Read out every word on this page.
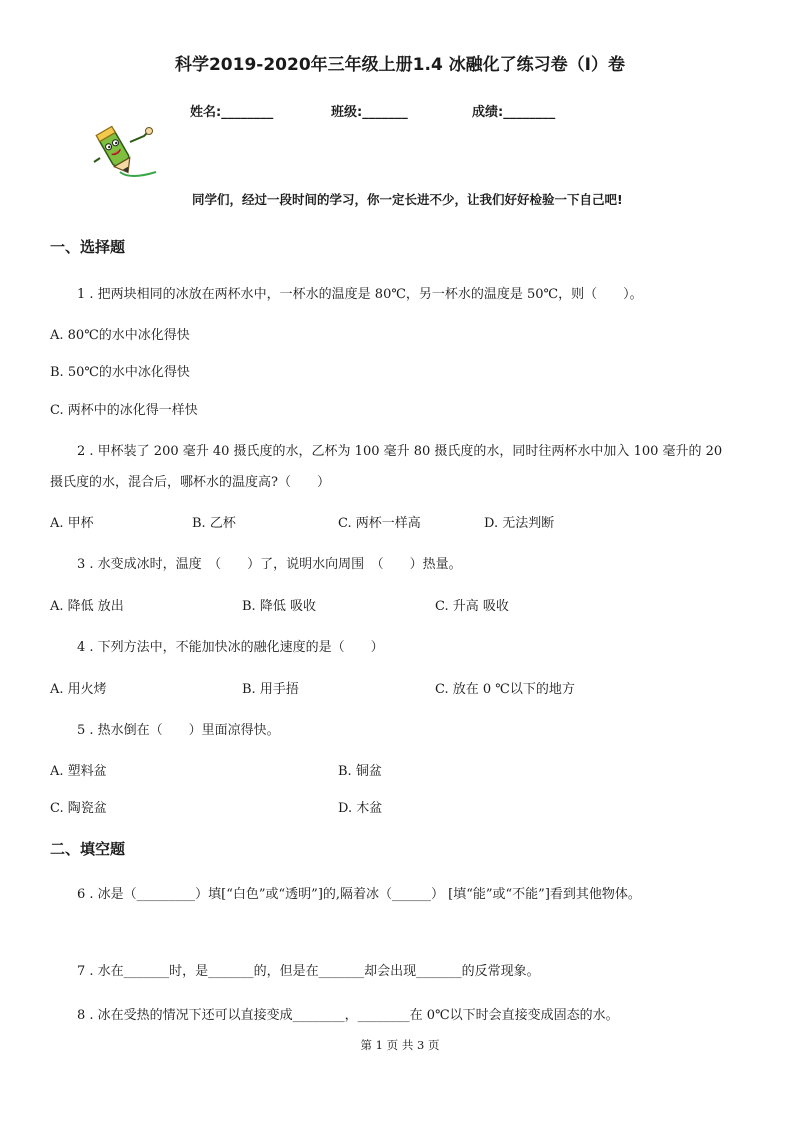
科学2019-2020年三年级上册1.4 冰融化了练习卷（I）卷
姓名:________	班级:_______	成绩:________
同学们，经过一段时间的学习，你一定长进不少，让我们好好检验一下自己吧!
一、选择题
1 . 把两块相同的冰放在两杯水中，一杯水的温度是 80℃，另一杯水的温度是 50℃，则（　　）。
A. 80℃的水中冰化得快
B. 50℃的水中冰化得快
C. 两杯中的冰化得一样快
2 . 甲杯装了 200 毫升 40 摄氏度的水，乙杯为 100 毫升 80 摄氏度的水，同时往两杯水中加入 100 毫升的 20
摄氏度的水，混合后，哪杯水的温度高?（　　）
A. 甲杯	B. 乙杯	C. 两杯一样高	D. 无法判断
3 . 水变成冰时，温度　（　　）了，说明水向周围　（　　）热量。
A. 降低 放出	B. 降低 吸收	C. 升高 吸收
4 . 下列方法中，不能加快冰的融化速度的是（　　）
A. 用火烤	B. 用手捂	C. 放在 0 ℃以下的地方
5 . 热水倒在（　　）里面凉得快。
A. 塑料盆	B. 铜盆
C. 陶瓷盆	D. 木盆
二、填空题
6 . 冰是（_________）填[“白色”或“透明”]的,隔着冰（______） [填“能”或“不能”]看到其他物体。
7 . 水在_______时，是_______的，但是在_______却会出现_______的反常现象。
8 . 冰在受热的情况下还可以直接变成________，________在 0℃以下时会直接变成固态的水。
第 1 页 共 3 页
